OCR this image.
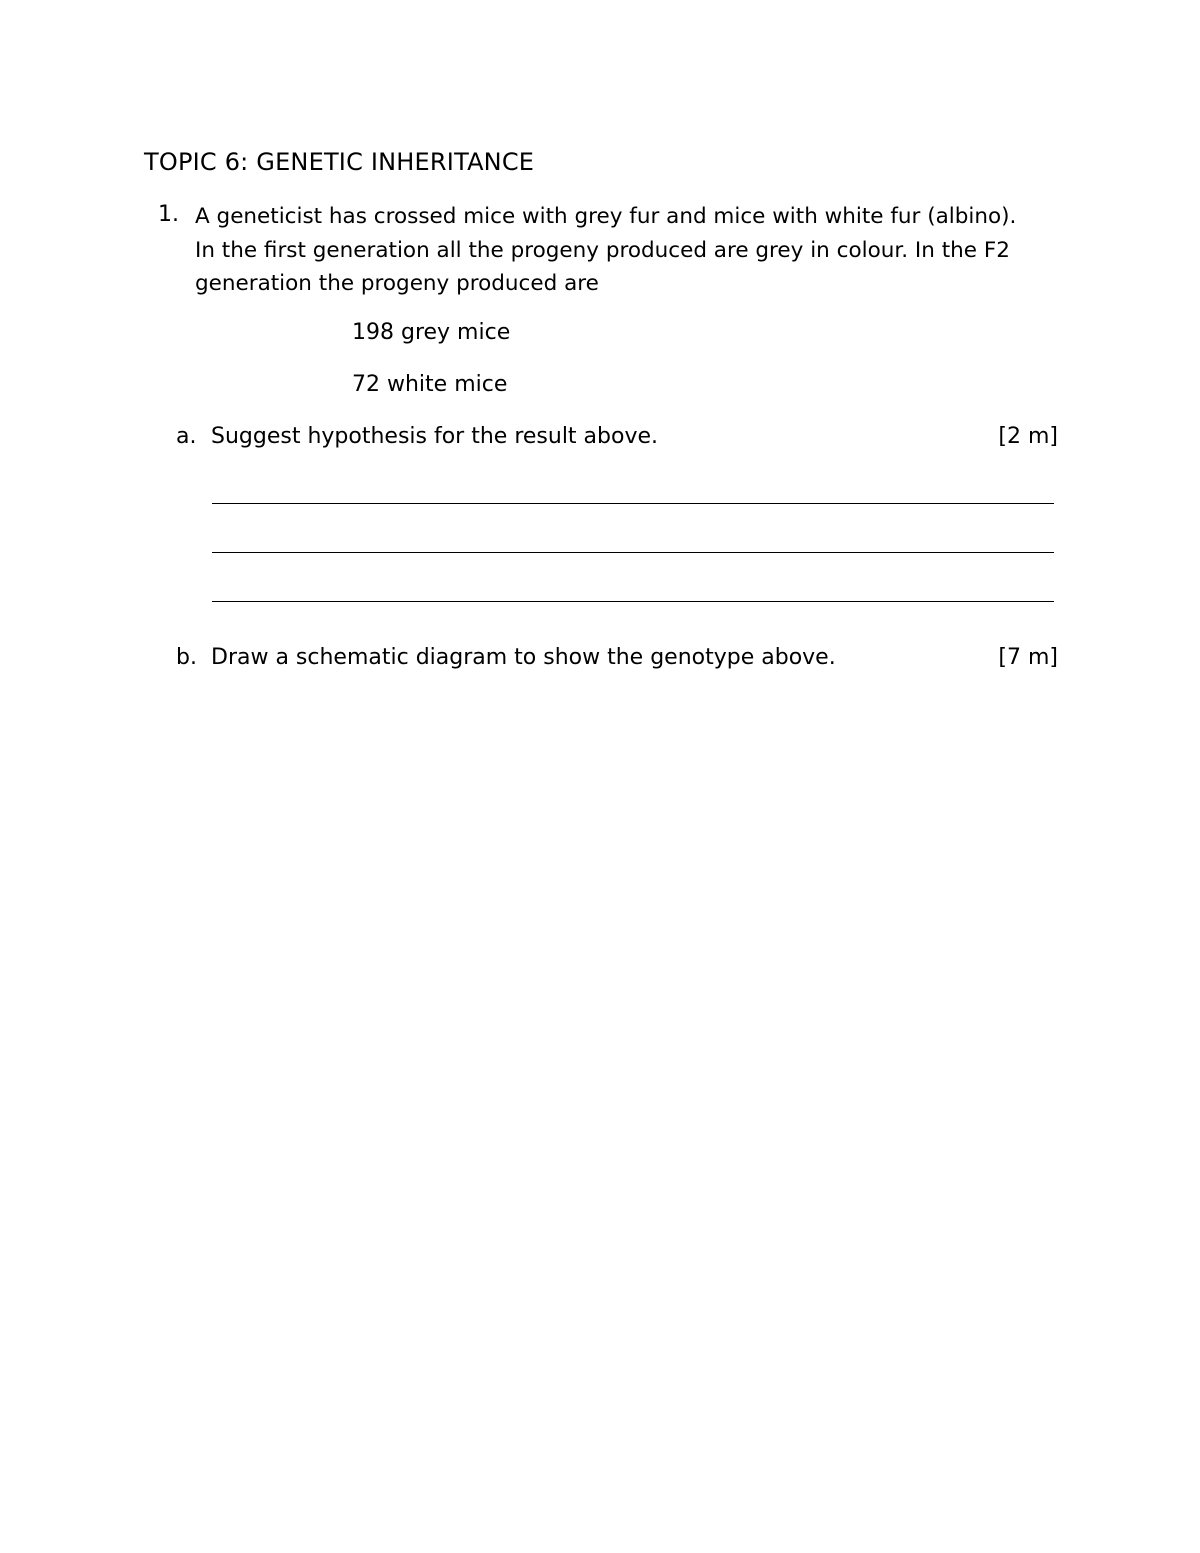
TOPIC 6: GENETIC INHERITANCE
1. A geneticist has crossed mice with grey fur and mice with white fur (albino).
In the first generation all the progeny produced are grey in colour. In the F2
generation the progeny produced are
198 grey mice
72 white mice
a. Suggest hypothesis for the result above.	[2 m]
b. Draw a schematic diagram to show the genotype above.	[7 m]
